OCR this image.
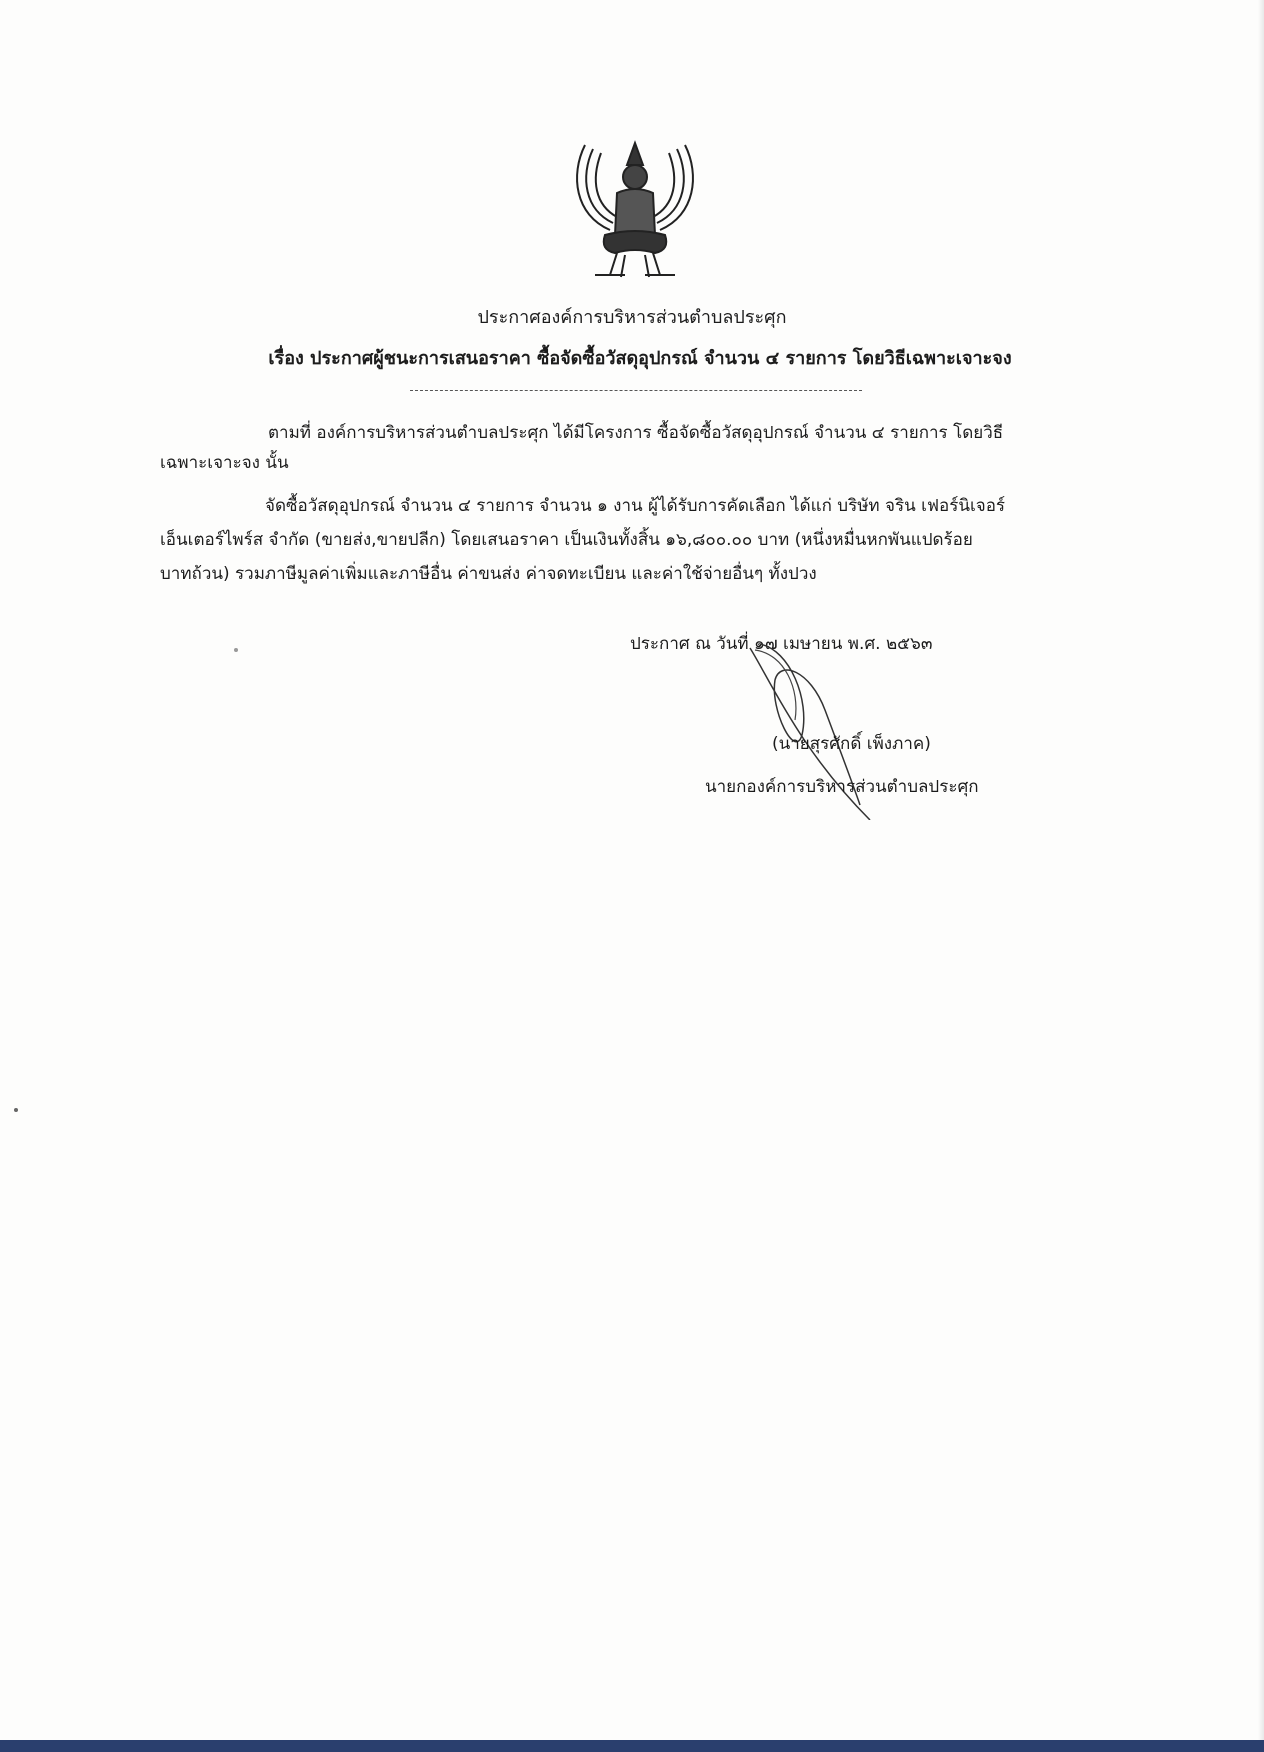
ประกาศองค์การบริหารส่วนตำบลประศุก
เรื่อง ประกาศผู้ชนะการเสนอราคา ซื้อจัดซื้อวัสดุอุปกรณ์ จำนวน ๔ รายการ โดยวิธีเฉพาะเจาะจง
ตามที่ องค์การบริหารส่วนตำบลประศุก ได้มีโครงการ ซื้อจัดซื้อวัสดุอุปกรณ์ จำนวน ๔ รายการ โดยวิธี
เฉพาะเจาะจง นั้น
จัดซื้อวัสดุอุปกรณ์ จำนวน ๔ รายการ จำนวน ๑ งาน ผู้ได้รับการคัดเลือก ได้แก่ บริษัท จริน เฟอร์นิเจอร์
เอ็นเตอร์ไพร์ส จำกัด (ขายส่ง,ขายปลีก) โดยเสนอราคา เป็นเงินทั้งสิ้น ๑๖,๘๐๐.๐๐ บาท (หนึ่งหมื่นหกพันแปดร้อย
บาทถ้วน) รวมภาษีมูลค่าเพิ่มและภาษีอื่น ค่าขนส่ง ค่าจดทะเบียน และค่าใช้จ่ายอื่นๆ ทั้งปวง
ประกาศ ณ วันที่ ๑๗ เมษายน พ.ศ. ๒๕๖๓
(นายสุรศักดิ์ เพ็งภาค)
นายกองค์การบริหารส่วนตำบลประศุก
